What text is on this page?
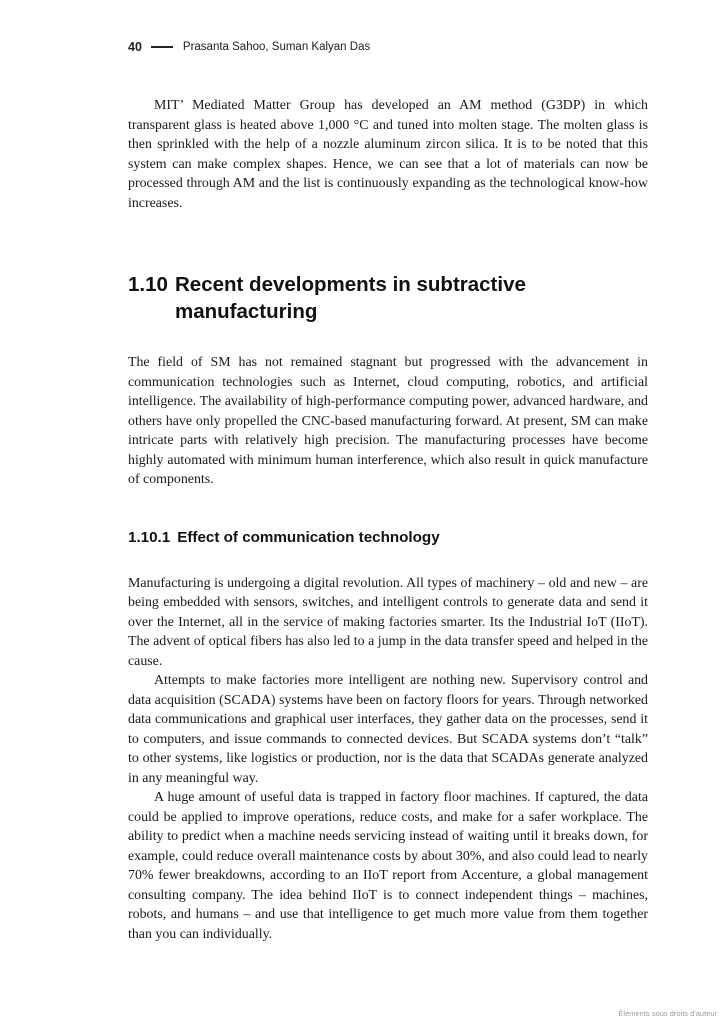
40	Prasanta Sahoo, Suman Kalyan Das

MIT’ Mediated Matter Group has developed an AM method (G3DP) in which transparent glass is heated above 1,000 °C and tuned into molten stage. The molten glass is then sprinkled with the help of a nozzle aluminum zircon silica. It is to be noted that this system can make complex shapes. Hence, we can see that a lot of materials can now be processed through AM and the list is continuously expanding as the technological know-how increases.

1.10 Recent developments in subtractive manufacturing

The field of SM has not remained stagnant but progressed with the advancement in communication technologies such as Internet, cloud computing, robotics, and artificial intelligence. The availability of high-performance computing power, advanced hardware, and others have only propelled the CNC-based manufacturing forward. At present, SM can make intricate parts with relatively high precision. The manufacturing processes have become highly automated with minimum human interference, which also result in quick manufacture of components.

1.10.1 Effect of communication technology

Manufacturing is undergoing a digital revolution. All types of machinery – old and new – are being embedded with sensors, switches, and intelligent controls to generate data and send it over the Internet, all in the service of making factories smarter. Its the Industrial IoT (IIoT). The advent of optical fibers has also led to a jump in the data transfer speed and helped in the cause.

Attempts to make factories more intelligent are nothing new. Supervisory control and data acquisition (SCADA) systems have been on factory floors for years. Through networked data communications and graphical user interfaces, they gather data on the processes, send it to computers, and issue commands to connected devices. But SCADA systems don’t “talk” to other systems, like logistics or production, nor is the data that SCADAs generate analyzed in any meaningful way.

A huge amount of useful data is trapped in factory floor machines. If captured, the data could be applied to improve operations, reduce costs, and make for a safer workplace. The ability to predict when a machine needs servicing instead of waiting until it breaks down, for example, could reduce overall maintenance costs by about 30%, and also could lead to nearly 70% fewer breakdowns, according to an IIoT report from Accenture, a global management consulting company. The idea behind IIoT is to connect independent things – machines, robots, and humans – and use that intelligence to get much more value from them together than you can individually.

Éléments sous droits d'auteur
